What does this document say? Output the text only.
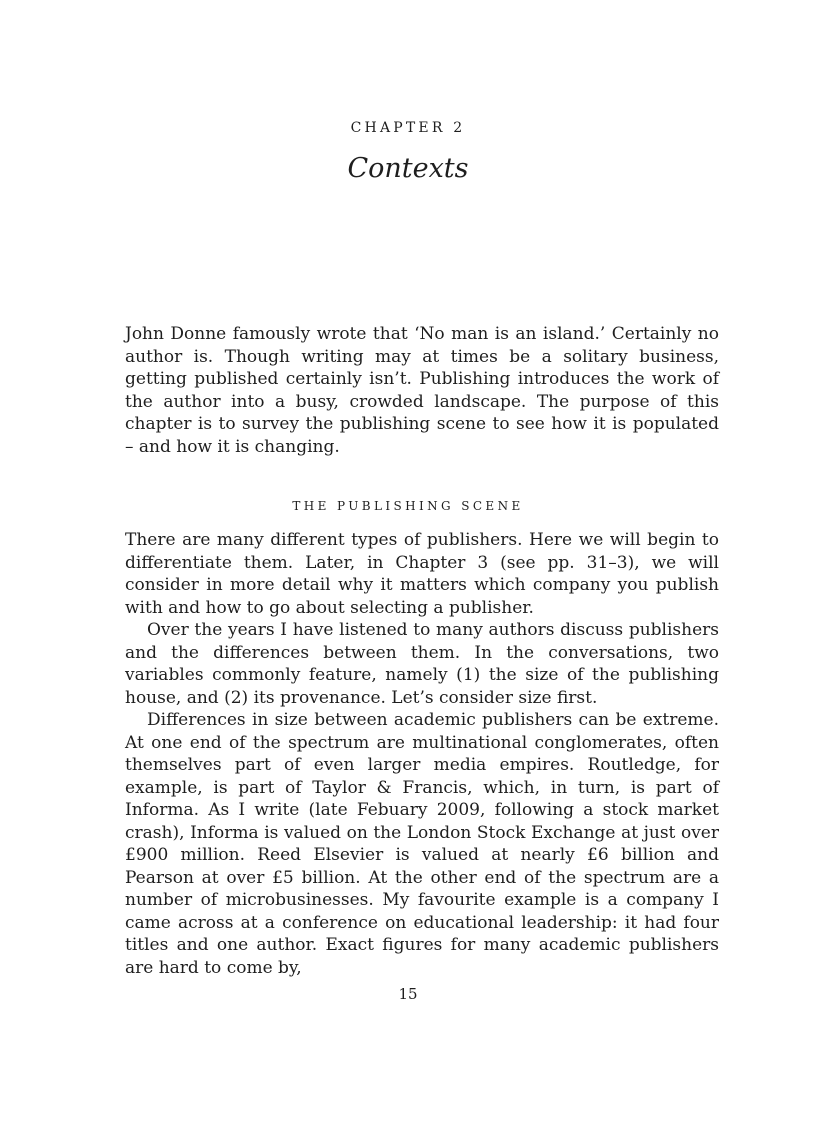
CHAPTER 2

Contexts

John Donne famously wrote that ‘No man is an island.’ Certainly no author is. Though writing may at times be a solitary business, getting published certainly isn’t. Publishing introduces the work of the author into a busy, crowded landscape. The purpose of this chapter is to survey the publishing scene to see how it is populated – and how it is changing.

THE PUBLISHING SCENE

There are many different types of publishers. Here we will begin to differentiate them. Later, in Chapter 3 (see pp. 31–3), we will consider in more detail why it matters which company you publish with and how to go about selecting a publisher.

Over the years I have listened to many authors discuss publishers and the differences between them. In the conversations, two variables commonly feature, namely (1) the size of the publishing house, and (2) its provenance. Let’s consider size first.

Differences in size between academic publishers can be extreme. At one end of the spectrum are multinational conglomerates, often themselves part of even larger media empires. Routledge, for example, is part of Taylor & Francis, which, in turn, is part of Informa. As I write (late Febuary 2009, following a stock market crash), Informa is valued on the London Stock Exchange at just over £900 million. Reed Elsevier is valued at nearly £6 billion and Pearson at over £5 billion. At the other end of the spectrum are a number of microbusinesses. My favourite example is a company I came across at a conference on educational leadership: it had four titles and one author. Exact figures for many academic publishers are hard to come by,

15
